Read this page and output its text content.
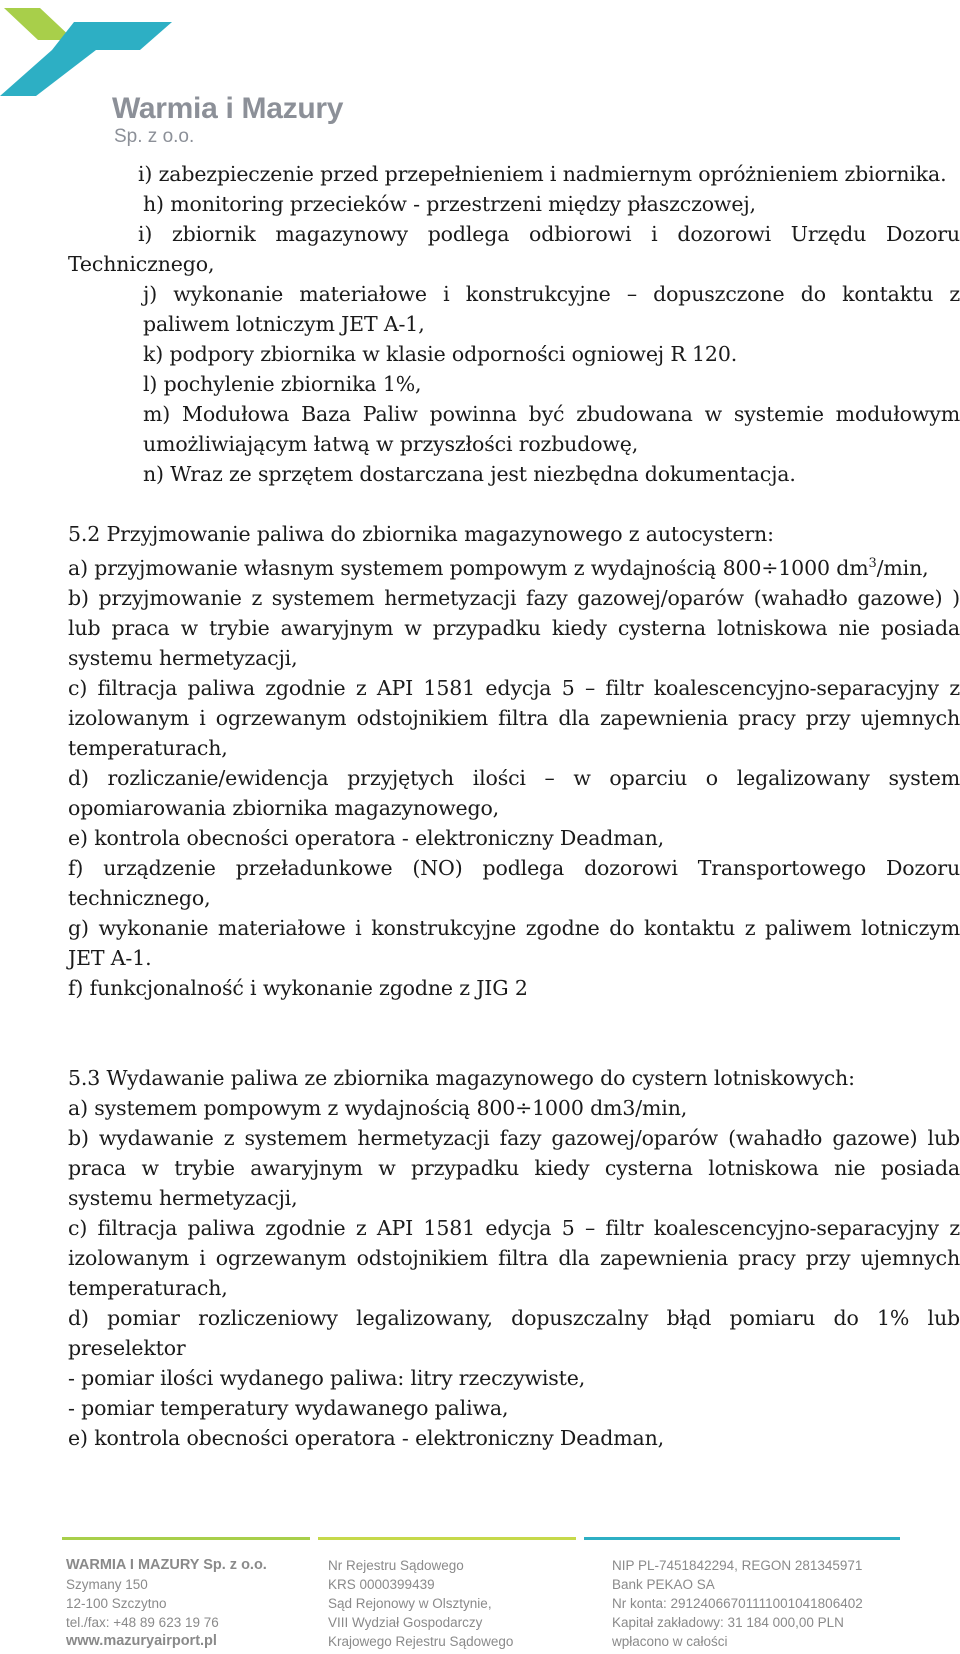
Warmia i Mazury
Sp. z o.o.

i) zabezpieczenie przed przepełnieniem i nadmiernym opróżnieniem zbiornika.

h) monitoring przecieków - przestrzeni między płaszczowej,

i) zbiornik magazynowy podlega odbiorowi i dozorowi Urzędu Dozoru Technicznego,

j) wykonanie materiałowe i konstrukcyjne – dopuszczone do kontaktu z paliwem lotniczym JET A-1,

k) podpory zbiornika w klasie odporności ogniowej R 120.

l) pochylenie zbiornika 1%,

m) Modułowa Baza Paliw powinna być zbudowana w systemie modułowym umożliwiającym łatwą w przyszłości rozbudowę,

n) Wraz ze sprzętem dostarczana jest niezbędna dokumentacja.

5.2 Przyjmowanie paliwa do zbiornika magazynowego z autocystern:

a) przyjmowanie własnym systemem pompowym z wydajnością 800÷1000 $dm^3/\min$,

b) przyjmowanie z systemem hermetyzacji fazy gazowej/oparów (wahadło gazowe) ) lub praca w trybie awaryjnym w przypadku kiedy cysterna lotniskowa nie posiada systemu hermetyzacji,

c) filtracja paliwa zgodnie z API 1581 edycja 5 – filtr koalescencyjno-separacyjny z izolowanym i ogrzewanym odstojnikiem filtra dla zapewnienia pracy przy ujemnych temperaturach,

d) rozliczanie/ewidencja przyjętych ilości – w oparciu o legalizowany system opomiarowania zbiornika magazynowego,

e) kontrola obecności operatora - elektroniczny Deadman,

f) urządzenie przeładunkowe (NO) podlega dozorowi Transportowego Dozoru technicznego,

g) wykonanie materiałowe i konstrukcyjne zgodne do kontaktu z paliwem lotniczym JET A-1.

f) funkcjonalność i wykonanie zgodne z JIG 2

5.3 Wydawanie paliwa ze zbiornika magazynowego do cystern lotniskowych:

a) systemem pompowym z wydajnością 800÷1000 dm3/min,

b) wydawanie z systemem hermetyzacji fazy gazowej/oparów (wahadło gazowe) lub praca w trybie awaryjnym w przypadku kiedy cysterna lotniskowa nie posiada systemu hermetyzacji,

c) filtracja paliwa zgodnie z API 1581 edycja 5 – filtr koalescencyjno-separacyjny z izolowanym i ogrzewanym odstojnikiem filtra dla zapewnienia pracy przy ujemnych temperaturach,

d) pomiar rozliczeniowy legalizowany, dopuszczalny błąd pomiaru do 1% lub preselektor

- pomiar ilości wydanego paliwa: litry rzeczywiste,

- pomiar temperatury wydawanego paliwa,

e) kontrola obecności operatora - elektroniczny Deadman,

WARMIA I MAZURY Sp. z o.o.
Szymany 150
12-100 Szczytno
tel./fax: +48 89 623 19 76
www.mazuryairport.pl
Nr Rejestru Sądowego
KRS 0000399439
Sąd Rejonowy w Olsztynie,
VIII Wydział Gospodarczy
Krajowego Rejestru Sądowego
NIP PL-7451842294, REGON 281345971
Bank PEKAO SA
Nr konta: 29124066701111001041806402
Kapitał zakładowy: 31 184 000,00 PLN
wpłacono w całości
